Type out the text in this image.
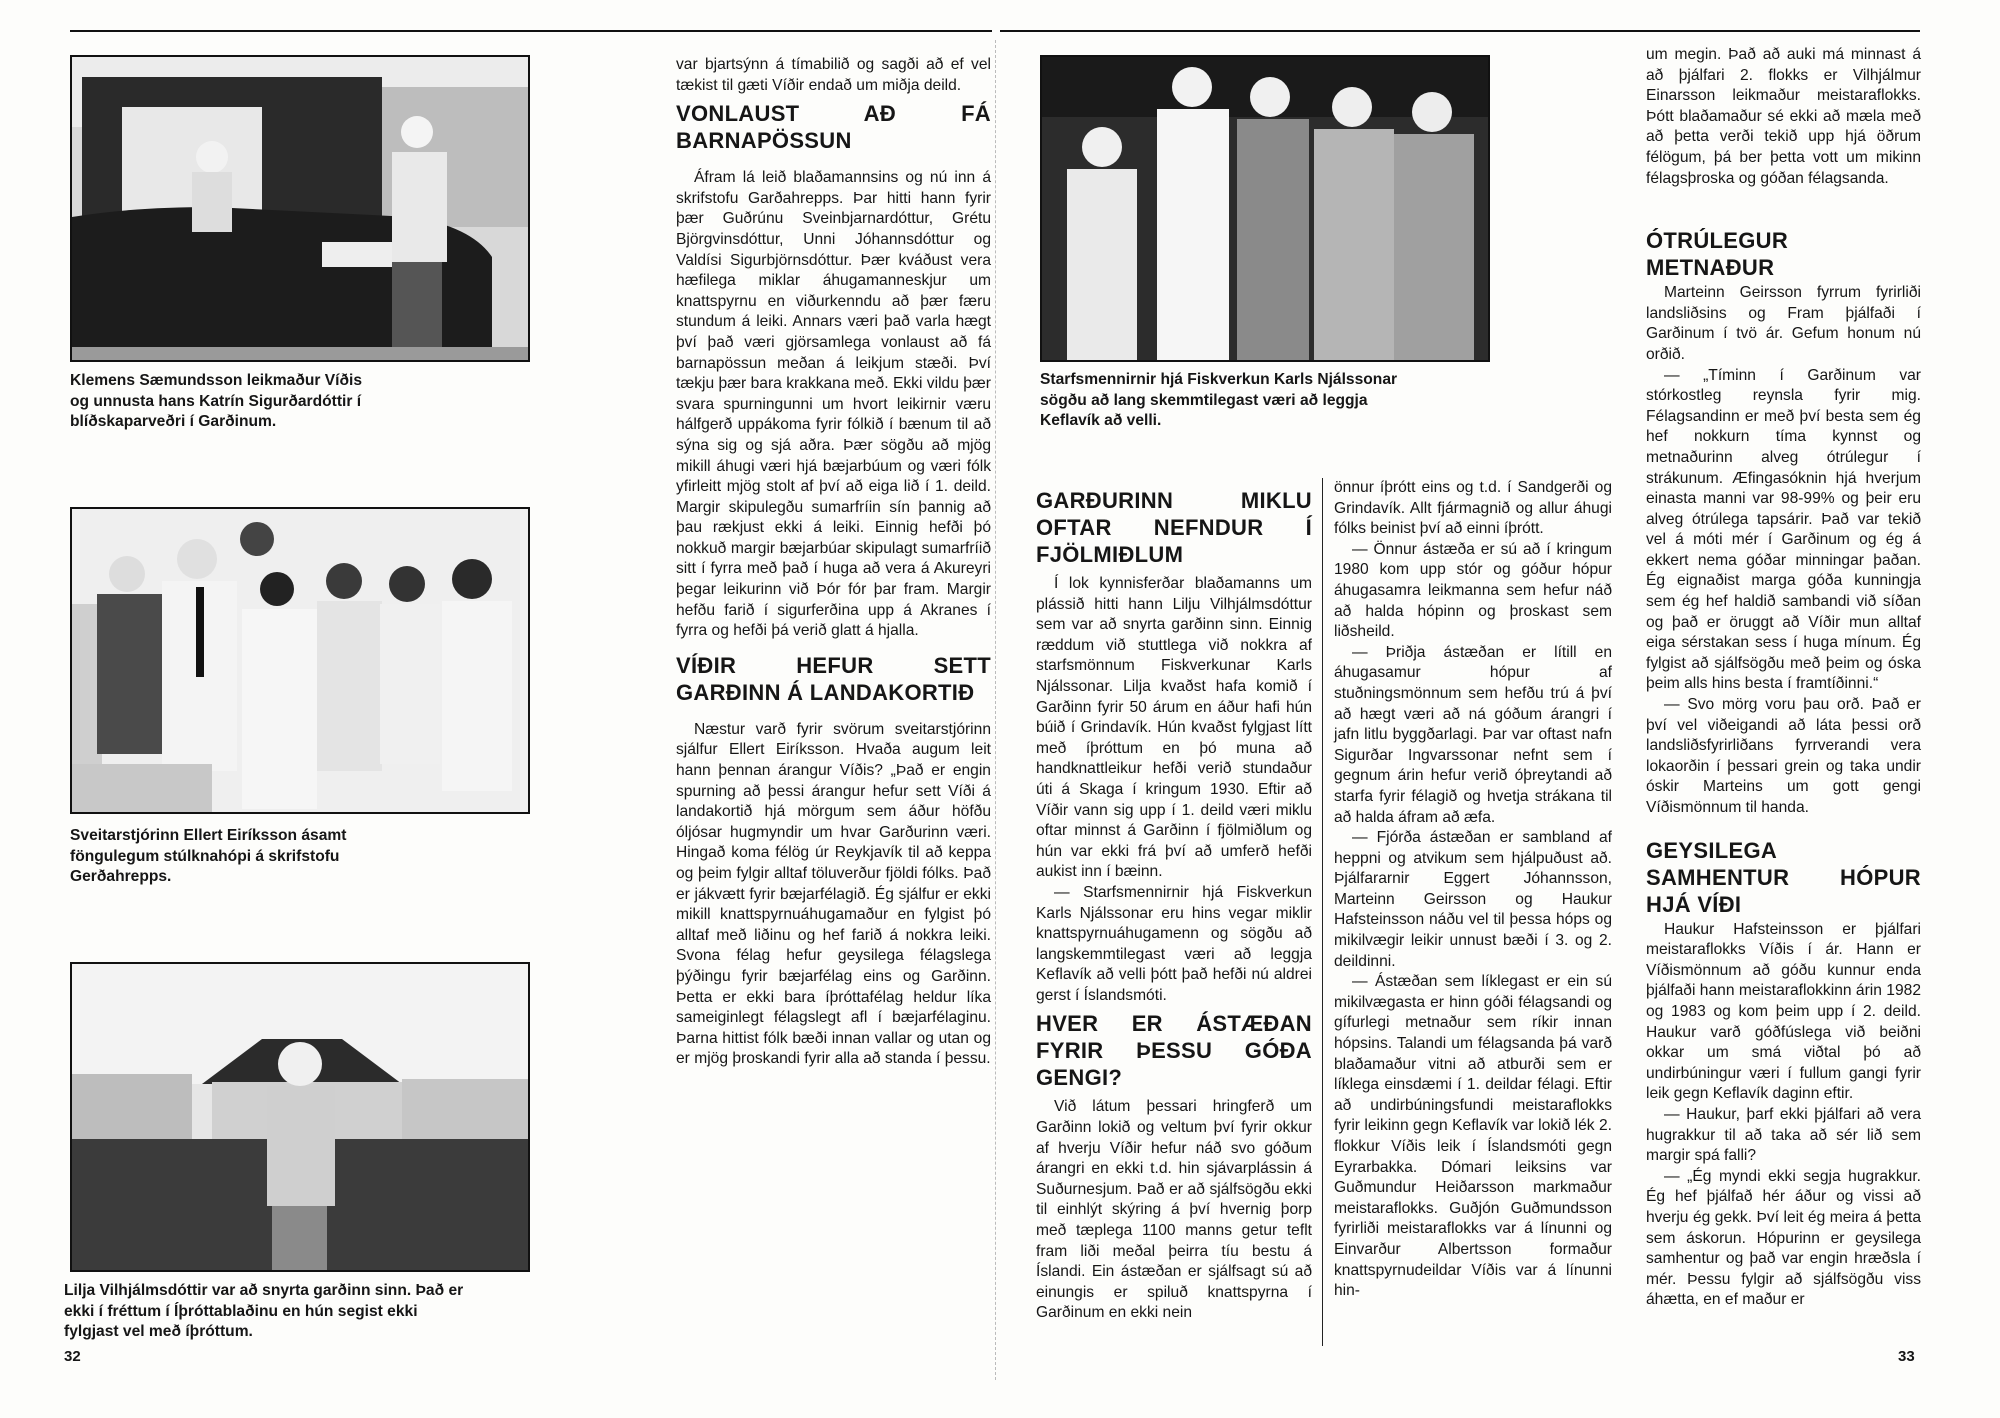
Klemens Sæmundsson leikmaður Víðis og unnusta hans Katrín Sigurðardóttir í blíðskaparveðri í Garðinum.
Sveitarstjórinn Ellert Eiríksson ásamt föngulegum stúlknahópi á skrifstofu Gerðahrepps.
Lilja Vilhjálmsdóttir var að snyrta garðinn sinn. Það er ekki í fréttum í Íþróttablaðinu en hún segist ekki fylgjast vel með íþróttum.
32

var bjartsýnn á tímabilið og sagði að ef vel tækist til gæti Víðir endað um miðja deild.

VONLAUST AÐ FÁ BARNAPÖSSUN

Áfram lá leið blaðamannsins og nú inn á skrifstofu Garðahrepps. Þar hitti hann fyrir þær Guðrúnu Sveinbjarnardóttur, Grétu Björgvinsdóttur, Unni Jóhannsdóttur og Valdísi Sigurbjörnsdóttur. Þær kváðust vera hæfilega miklar áhugamanneskjur um knattspyrnu en viðurkenndu að þær færu stundum á leiki. Annars væri það varla hægt því það væri gjörsamlega vonlaust að fá barnapössun meðan á leikjum stæði. Því tækju þær bara krakkana með. Ekki vildu þær svara spurningunni um hvort leikirnir væru hálfgerð uppákoma fyrir fólkið í bænum til að sýna sig og sjá aðra. Þær sögðu að mjög mikill áhugi væri hjá bæjarbúum og væri fólk yfirleitt mjög stolt af því að eiga lið í 1. deild. Margir skipulegðu sumarfríin sín þannig að þau rækjust ekki á leiki. Einnig hefði þó nokkuð margir bæjarbúar skipulagt sumarfríið sitt í fyrra með það í huga að vera á Akureyri þegar leikurinn við Þór fór þar fram. Margir hefðu farið í sigurferðina upp á Akranes í fyrra og hefði þá verið glatt á hjalla.

VÍÐIR HEFUR SETT GARÐINN Á LANDAKORTIÐ

Næstur varð fyrir svörum sveitarstjórinn sjálfur Ellert Eiríksson. Hvaða augum leit hann þennan árangur Víðis? „Það er engin spurning að þessi árangur hefur sett Víði á landakortið hjá mörgum sem áður höfðu óljósar hugmyndir um hvar Garðurinn væri. Hingað koma félög úr Reykjavík til að keppa og þeim fylgir alltaf töluverður fjöldi fólks. Það er jákvætt fyrir bæjarfélagið. Ég sjálfur er ekki mikill knattspyrnuáhugamaður en fylgist þó alltaf með liðinu og hef farið á nokkra leiki. Svona félag hefur geysilega félagslega þýðingu fyrir bæjarfélag eins og Garðinn. Þetta er ekki bara íþróttafélag heldur líka sameiginlegt félagslegt afl í bæjarfélaginu. Þarna hittist fólk bæði innan vallar og utan og er mjög þroskandi fyrir alla að standa í þessu.

Starfsmennirnir hjá Fiskverkun Karls Njálssonar sögðu að lang skemmtilegast væri að leggja Keflavík að velli.
GARÐURINN MIKLU OFTAR NEFNDUR Í FJÖLMIÐLUM

Í lok kynnisferðar blaðamanns um plássið hitti hann Lilju Vilhjálmsdóttur sem var að snyrta garðinn sinn. Einnig ræddum við stuttlega við nokkra af starfsmönnum Fiskverkunar Karls Njálssonar. Lilja kvaðst hafa komið í Garðinn fyrir 50 árum en áður hafi hún búið í Grindavík. Hún kvaðst fylgjast lítt með íþróttum en þó muna að handknattleikur hefði verið stundaður úti á Skaga í kringum 1930. Eftir að Víðir vann sig upp í 1. deild væri miklu oftar minnst á Garðinn í fjölmiðlum og hún var ekki frá því að umferð hefði aukist inn í bæinn.

— Starfsmennirnir hjá Fiskverkun Karls Njálssonar eru hins vegar miklir knattspyrnuáhugamenn og sögðu að langskemmtilegast væri að leggja Keflavík að velli þótt það hefði nú aldrei gerst í Íslandsmóti.

HVER ER ÁSTÆÐAN FYRIR ÞESSU GÓÐA GENGI?

Við látum þessari hringferð um Garðinn lokið og veltum því fyrir okkur af hverju Víðir hefur náð svo góðum árangri en ekki t.d. hin sjávarplássin á Suðurnesjum. Það er að sjálfsögðu ekki til einhlýt skýring á því hvernig þorp með tæplega 1100 manns getur teflt fram liði meðal þeirra tíu bestu á Íslandi. Ein ástæðan er sjálfsagt sú að einungis er spiluð knattspyrna í Garðinum en ekki nein

önnur íþrótt eins og t.d. í Sandgerði og Grindavík. Allt fjármagnið og allur áhugi fólks beinist því að einni íþrótt.

— Önnur ástæða er sú að í kringum 1980 kom upp stór og góður hópur áhugasamra leikmanna sem hefur náð að halda hópinn og þroskast sem liðsheild.

— Þriðja ástæðan er lítill en áhugasamur hópur af stuðningsmönnum sem hefðu trú á því að hægt væri að ná góðum árangri í jafn litlu byggðarlagi. Þar var oftast nafn Sigurðar Ingvarssonar nefnt sem í gegnum árin hefur verið óþreytandi að starfa fyrir félagið og hvetja strákana til að halda áfram að æfa.

— Fjórða ástæðan er sambland af heppni og atvikum sem hjálpuðust að. Þjálfararnir Eggert Jóhannsson, Marteinn Geirsson og Haukur Hafsteinsson náðu vel til þessa hóps og mikilvægir leikir unnust bæði í 3. og 2. deildinni.

— Ástæðan sem líklegast er ein sú mikilvægasta er hinn góði félagsandi og gífurlegi metnaður sem ríkir innan hópsins. Talandi um félagsanda þá varð blaðamaður vitni að atburði sem er líklega einsdæmi í 1. deildar félagi. Eftir að undirbúningsfundi meistaraflokks fyrir leikinn gegn Keflavík var lokið lék 2. flokkur Víðis leik í Íslandsmóti gegn Eyrarbakka. Dómari leiksins var Guðmundur Heiðarsson markmaður meistaraflokks. Guðjón Guðmundsson fyrirliði meistaraflokks var á línunni og Einvarður Albertsson formaður knattspyrnudeildar Víðis var á línunni hin-

um megin. Það að auki má minnast á að þjálfari 2. flokks er Vilhjálmur Einarsson leikmaður meistaraflokks. Þótt blaðamaður sé ekki að mæla með að þetta verði tekið upp hjá öðrum félögum, þá ber þetta vott um mikinn félagsþroska og góðan félagsanda.

ÓTRÚLEGUR METNAÐUR

Marteinn Geirsson fyrrum fyrirliði landsliðsins og Fram þjálfaði í Garðinum í tvö ár. Gefum honum nú orðið.

— „Tíminn í Garðinum var stórkostleg reynsla fyrir mig. Félagsandinn er með því besta sem ég hef nokkurn tíma kynnst og metnaðurinn alveg ótrúlegur í strákunum. Æfingasóknin hjá hverjum einasta manni var 98-99% og þeir eru alveg ótrúlega tapsárir. Það var tekið vel á móti mér í Garðinum og ég á ekkert nema góðar minningar þaðan. Ég eignaðist marga góða kunningja sem ég hef haldið sambandi við síðan og það er öruggt að Víðir mun alltaf eiga sérstakan sess í huga mínum. Ég fylgist að sjálfsögðu með þeim og óska þeim alls hins besta í framtíðinni.“

— Svo mörg voru þau orð. Það er því vel viðeigandi að láta þessi orð landsliðsfyrirliðans fyrrverandi vera lokaorðin í þessari grein og taka undir óskir Marteins um gott gengi Víðismönnum til handa.

GEYSILEGA SAMHENTUR HÓPUR HJÁ VÍÐI

Haukur Hafsteinsson er þjálfari meistaraflokks Víðis í ár. Hann er Víðismönnum að góðu kunnur enda þjálfaði hann meistaraflokkinn árin 1982 og 1983 og kom þeim upp í 2. deild. Haukur varð góðfúslega við beiðni okkar um smá viðtal þó að undirbúningur væri í fullum gangi fyrir leik gegn Keflavík daginn eftir.

— Haukur, þarf ekki þjálfari að vera hugrakkur til að taka að sér lið sem margir spá falli?

— „Ég myndi ekki segja hugrakkur. Ég hef þjálfað hér áður og vissi að hverju ég gekk. Því leit ég meira á þetta sem áskorun. Hópurinn er geysilega samhentur og það var engin hræðsla í mér. Þessu fylgir að sjálfsögðu viss áhætta, en ef maður er

33
